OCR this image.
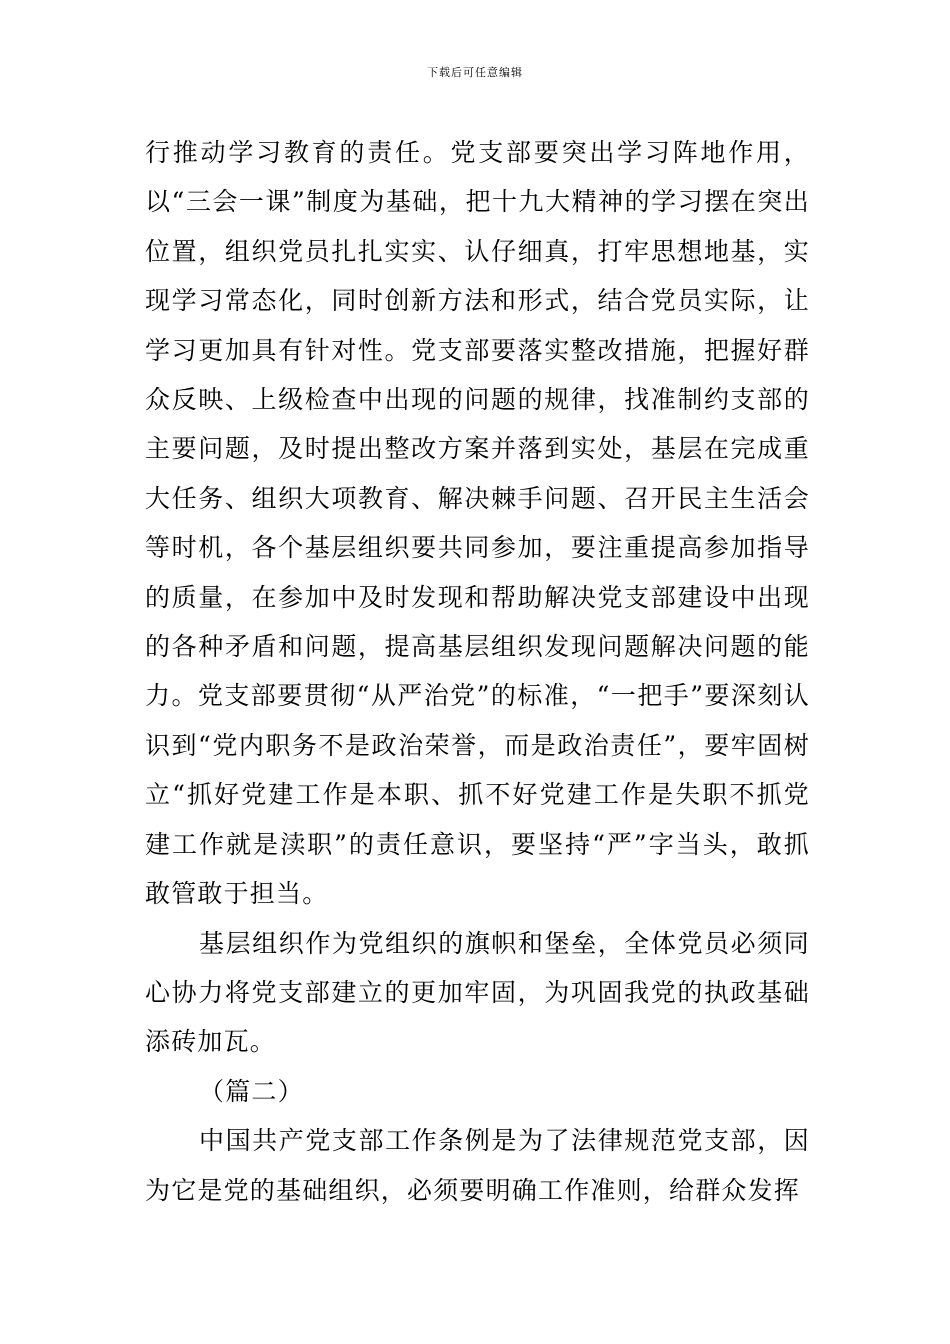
下载后可任意编辑

行推动学习教育的责任。党支部要突出学习阵地作用，以“三会一课”制度为基础，把十九大精神的学习摆在突出位置，组织党员扎扎实实、认仔细真，打牢思想地基，实现学习常态化，同时创新方法和形式，结合党员实际，让学习更加具有针对性。党支部要落实整改措施，把握好群众反映、上级检查中出现的问题的规律，找准制约支部的主要问题，及时提出整改方案并落到实处，基层在完成重大任务、组织大项教育、解决棘手问题、召开民主生活会等时机，各个基层组织要共同参加，要注重提高参加指导的质量，在参加中及时发现和帮助解决党支部建设中出现的各种矛盾和问题，提高基层组织发现问题解决问题的能力。党支部要贯彻“从严治党”的标准，“一把手”要深刻认识到“党内职务不是政治荣誉，而是政治责任”，要牢固树立“抓好党建工作是本职、抓不好党建工作是失职不抓党建工作就是渎职”的责任意识，要坚持“严”字当头，敢抓敢管敢于担当。

基层组织作为党组织的旗帜和堡垒，全体党员必须同心协力将党支部建立的更加牢固，为巩固我党的执政基础添砖加瓦。

（篇二）

中国共产党支部工作条例是为了法律规范党支部，因为它是党的基础组织，必须要明确工作准则，给群众发挥
